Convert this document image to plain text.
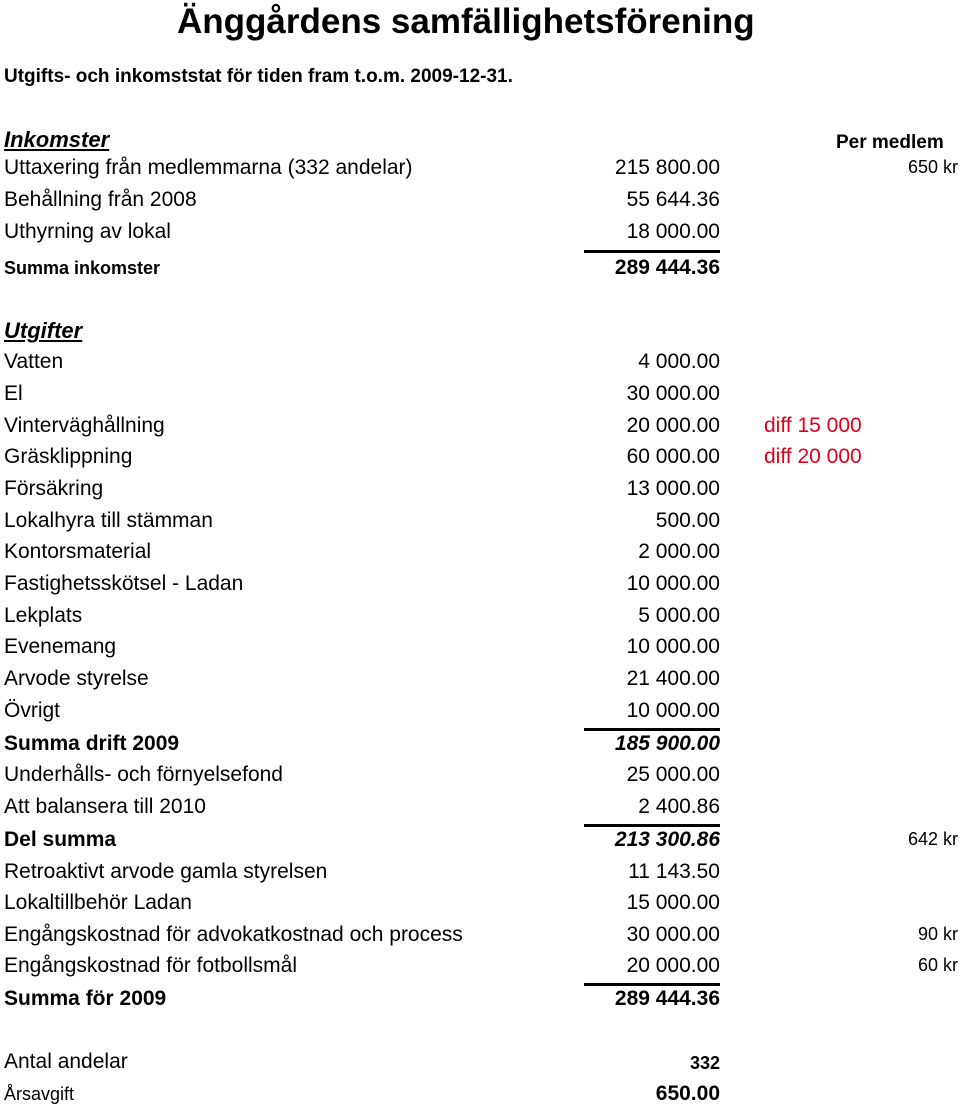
Änggårdens samfällighetsförening
Utgifts- och inkomststat för tiden fram t.o.m. 2009-12-31.
Inkomster	Per medlem
Uttaxering från medlemmarna (332 andelar)	215 800.00	650 kr
Behållning från 2008	55 644.36
Uthyrning av lokal	18 000.00
Summa inkomster	289 444.36
Utgifter
Vatten	4 000.00
El	30 000.00
Vinterväghållning	20 000.00 diff 15 000
Gräsklippning	60 000.00 diff 20 000
Försäkring	13 000.00
Lokalhyra till stämman	500.00
Kontorsmaterial	2 000.00
Fastighetsskötsel - Ladan	10 000.00
Lekplats	5 000.00
Evenemang	10 000.00
Arvode styrelse	21 400.00
Övrigt	10 000.00
Summa drift 2009	185 900.00
Underhålls- och förnyelsefond	25 000.00
Att balansera till 2010	2 400.86
Del summa	213 300.86	642 kr
Retroaktivt arvode gamla styrelsen	11 143.50
Lokaltillbehör Ladan	15 000.00
Engångskostnad för advokatkostnad och process	30 000.00	90 kr
Engångskostnad för fotbollsmål	20 000.00	60 kr
Summa för 2009	289 444.36
Antal andelar	332
Årsavgift	650.00
